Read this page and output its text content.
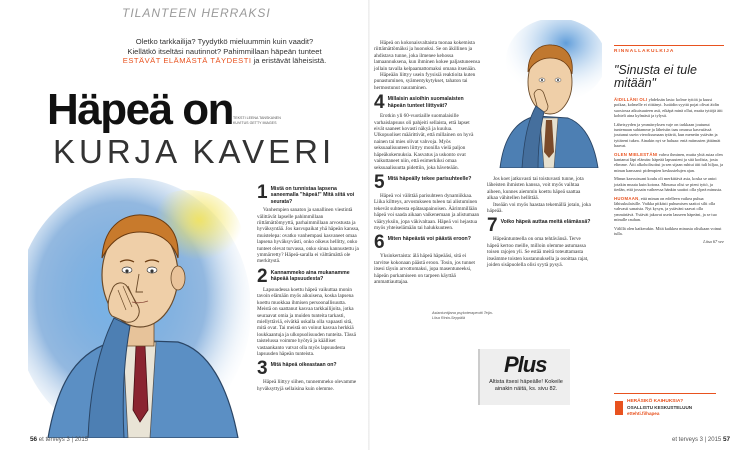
TILANTEEN HERRAKSI
Oletko tarkkailija? Tyydytkö mieluummin kuin vaadit?
Kiellätkö itseltäsi nautinnot? Pahimmillaan häpeän tunteet
ESTÄVÄT ELÄMÄSTÄ TÄYDESTI ja eristävät läheisistä.
Häpeä on
KURJA KAVERI
TEKSTI LEENA TANSKANEN
KUVITUS GETTY IMAGES
1 Mistä on tunnistaa lapsena saneemalla "häpeä!" Mitä siitä voi seurata?
Vanhempien sanaton ja sanallinen viestintä välittävät lapselle pahimmillaan riittämättömyyttä, parhaimmillaan arvostusta ja hyväksyntää. Jos kasvupaikat yhä häpeän kanssa, muistelepa: ovatko vanhempasi kasvaneet omaa lapsena hyväksyvästi, onko oikeus hellitty, onko tunteet olevat turvassa, onko sinua kannustettu ja ymmärretty? Häpeä-saralla ei välttämättä ole merkitystä.
2 Kannammeko aina mukanamme häpeää lapsuudesta?
Lapsuudessa koettu häpeä vaikuttaa monin tavoin elämään myös aikuisena, koska lapsena koettu muokkaa ihmisen persoonallisuutta. Meistä on saattanut kasvaa tarkkailijoita, jotka seuraavat omia ja muiden tunteita tarkasti, miellyttäviä, eivätkä uskalla olla vapaasti sitä, mitä ovat. Tai meistä on voinut kasvaa herkkiä loukkaantuja ja ulkopuolisuuden tunteita. Tässä taistelussa voimme hyötyä ja käälliset vastaankanto vatvat olla myös lapsuudesta lapsuuden häpeän tunteista.
3 Mitä häpeä oikeastaan on?
Häpeä liittyy siihen, tunnemmeko olevamme hyväksyttyjä sellaisina kuin olemme.
56 et terveys 3 | 2015
Häpeä on kokonaisvaltaista tuonaa kokemista riittämättömäksi ja huonoksi. Se on äkillinen ja ahdistava tunne, joka ilmenee kehossa lamaannuksena, kun ihminen kokee paljastuneensa jollain tavalla kelpaamattomaksi omana itsenään.
Häpeään liittyy usein fyysisiä reaktioita kuten punastuminen, syämentykytykset, tahaton tai hermostunut nauraminen.
4 Millaisin asioihin suomalaisten häpeän tunteet liittyvät?
Erotkin yli 60-vuotiaille suomalaisille varhaislapsuus oli pahjeiti sellaista, että lapset eivät saaneet kovasti näkyä ja kuulua. Ulkopuoliset määrittivät, että millainen on hyvä nainen tai mies olivat vahvoja. Myös seksuaalisuuteen liittyy monilla vielä paljon häpeäkokemuksia. Kasvatus ja uskonto ovat vaikuttaneet niin, että esimerkiksi omaa seksuaalisuutta pidettiin, joka häveteään.
5 Mitä häpeälly tekee parisuhteelle?
Häpeä voi välittää parisuhteen dynamiikkaa. Liika kiltteys, arvostukseen tuleen tai alistuminen tekevät suhteesta epätasapainoisen. Äärimmillään häpeä voi saada aikaan vaikenemaan ja alistumaan vääryyksiin, jopa väkivaltaan. Häpeä voi hejastua myös yhteiselämään tai halukkuuteen.
6 Miten häpeästä voi päästä eroon?
Yksinkertaista: älä häpeä häpeääsi, sitä ei tarvitse kokonaan päästä eroon. Tosin, jos tunnet itsesi täysin arvottomaksi, jopa masentuneeksi, häpeän purkamiseen on tarpeen käyttää ammattiauttajaa.
Jos koet jatkuvasti tai toistuvasti tunne, jota läheisten ihmisten kanssa, voit myös vaihtaa aiheen, kunnes aiemmin koettu häpeä saattaa alkaa vähitellen hellittää.
Itseään voi myös haastaa tekemällä jotain, joka häpeää.
7 Voiko häpeä auttaa meitä elämässä?
Häpeäntunteella on oma tehtävänsä. Terve häpeä kertoo meille, milloin olemme astumassa toisen rajojen yli. Se estää meitä toteuttamasta itseämme toisten kustannuksella ja osoittaa rajat, joiden sisäpuolella olisi syytä pysyä.
Asiantuntijana psykoterapeutti Teija-Liisa Rinta-Seppälä
Plus
Altista itsesi häpeälle! Kokeile ainakin näitä, ks. sivu 82.
RINNALLAKULKIJA
"Sinusta ei tule mitään"

ÄIDILLÄNI OLI yhdeksän lasta: kolme tyttöä ja kuusi poikaa, kolmelle ei riittänyt. Isoäidin syyttä pojat olivat äidin suosiossa aikuisuuteen asti, eikäpä minä ollut, mutta tyttöjä äiti kohteli aina kylmästi ja tylysti.

Läheisyyden ja ymmärryksen vaje on tarkkaan joutunut tuntemaan suhtamme ja läheisiin taas omassa kasvuiässä joutunut usein vieroksumaan tytärtä, kun menetin ystävän ja tyttäreni tukea. Ainakin nyt se haluaa: entä miinusten jättämät haavat.

OLEN MIELESTÄNI vahva ihminen, mutta yhtä asiaa olen kantanut läpi elämän: häpeää lapsuuteni ja sitä kodista, josta elimme. Äiti alkoholisoitui ja sen sijaan ruhtui äiti tuli hiljaa, ja minun kanssani: pidempien keskustelujen ajan.

Minun kasvuissani koulu oli merkittävä asia, koska se antoi jotakin muuta kuin kotona. Minussa olisi se pieni tyttö, ja tiedän, että jossain vaiheessa hänkin saattoi olla ylpeä minusta.

HUOMAAN, että minun on edelleen vaikea puhua lähisukulaisille. Vaikka pitkästi puhumisen saattoi silti olla vahvasti sanaista. Nyt kysyn, ja ystäväni saavat olla ymmärtävä. Ystävät jakavat usein lauseen häpeäni, ja se tuo minulle rauhan.

Välillä olen katkerakin. Mitä kaikkea minusta olisikaan voinut tulla.

Liisa 67 vee

HERÄSIKÖ KAIHUKSIA?
OSALLISTU KESKUSTELUUN
ettehti.fi/hapea
et terveys 3 | 2015 57
